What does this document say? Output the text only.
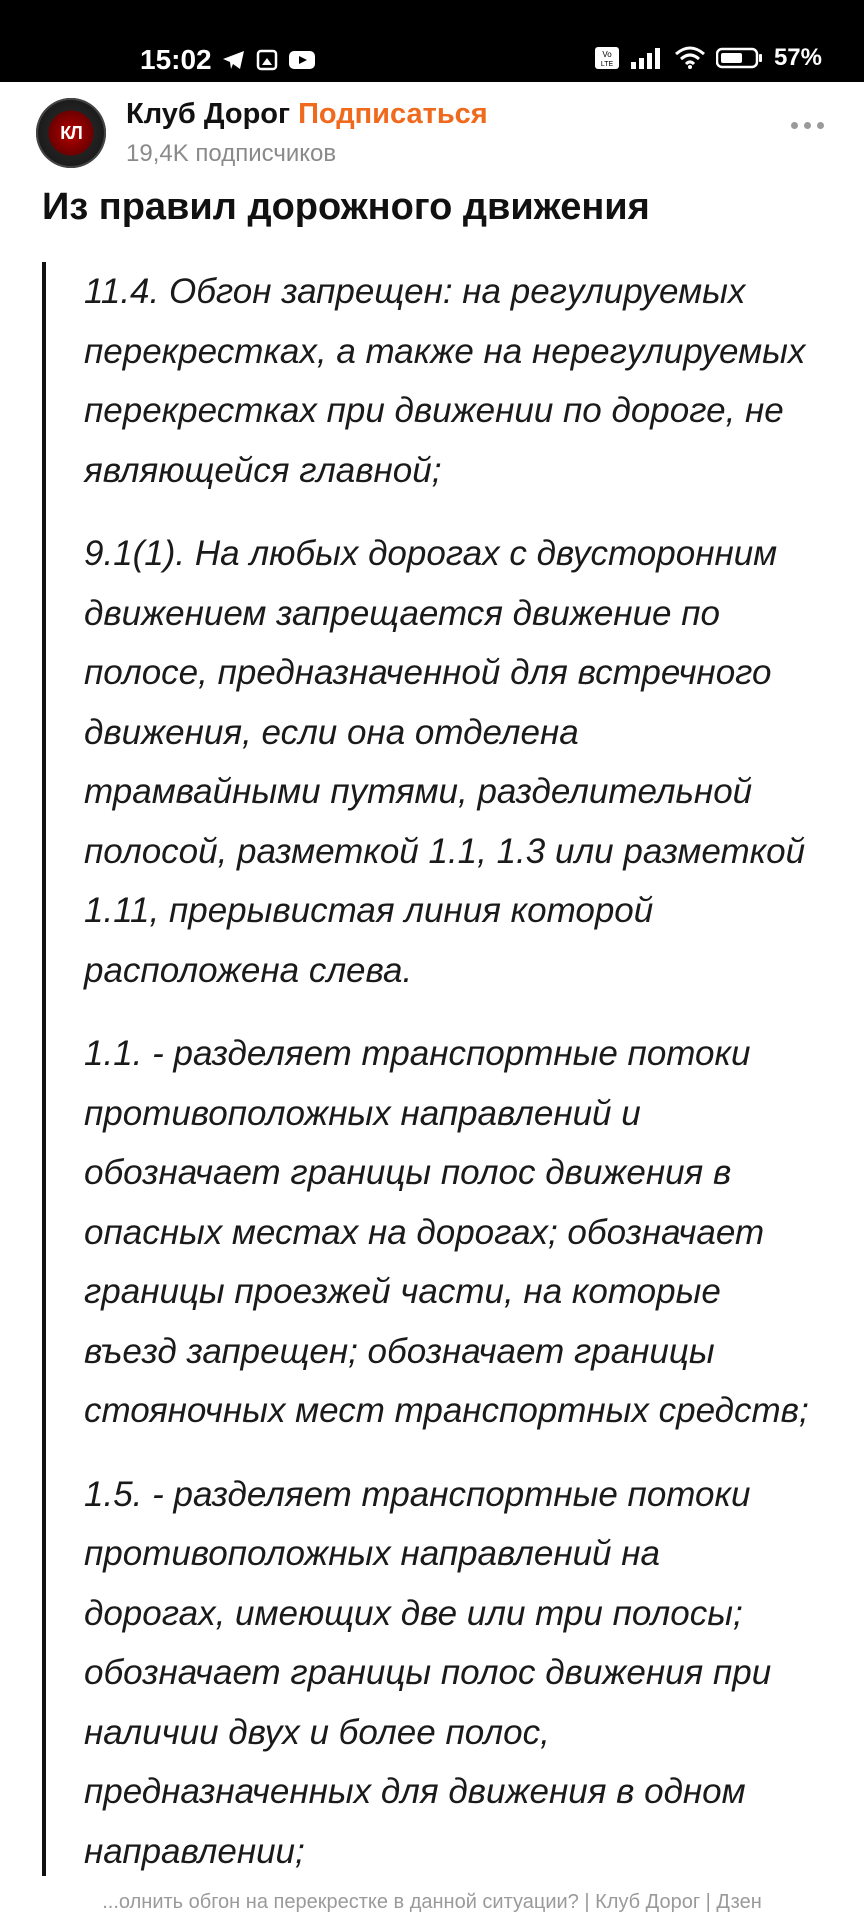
15:02	Vo
LTE	57%
КЛ
Клуб Дорог Подписаться
19,4K подписчиков
Из правил дорожного движения

11.4. Обгон запрещен: на регулируемых
перекрестках, а также на нерегулируемых
перекрестках при движении по дороге, не
являющейся главной;

9.1(1). На любых дорогах с двусторонним
движением запрещается движение по
полосе, предназначенной для встречного
движения, если она отделена
трамвайными путями, разделительной
полосой, разметкой 1.1, 1.3 или разметкой
1.11, прерывистая линия которой
расположена слева.

1.1. - разделяет транспортные потоки
противоположных направлений и
обозначает границы полос движения в
опасных местах на дорогах; обозначает
границы проезжей части, на которые
въезд запрещен; обозначает границы
стояночных мест транспортных средств;

1.5. - разделяет транспортные потоки
противоположных направлений на
дорогах, имеющих две или три полосы;
обозначает границы полос движения при
наличии двух и более полос,
предназначенных для движения в одном
направлении;

...олнить обгон на перекрестке в данной ситуации? | Клуб Дорог | Дзен
